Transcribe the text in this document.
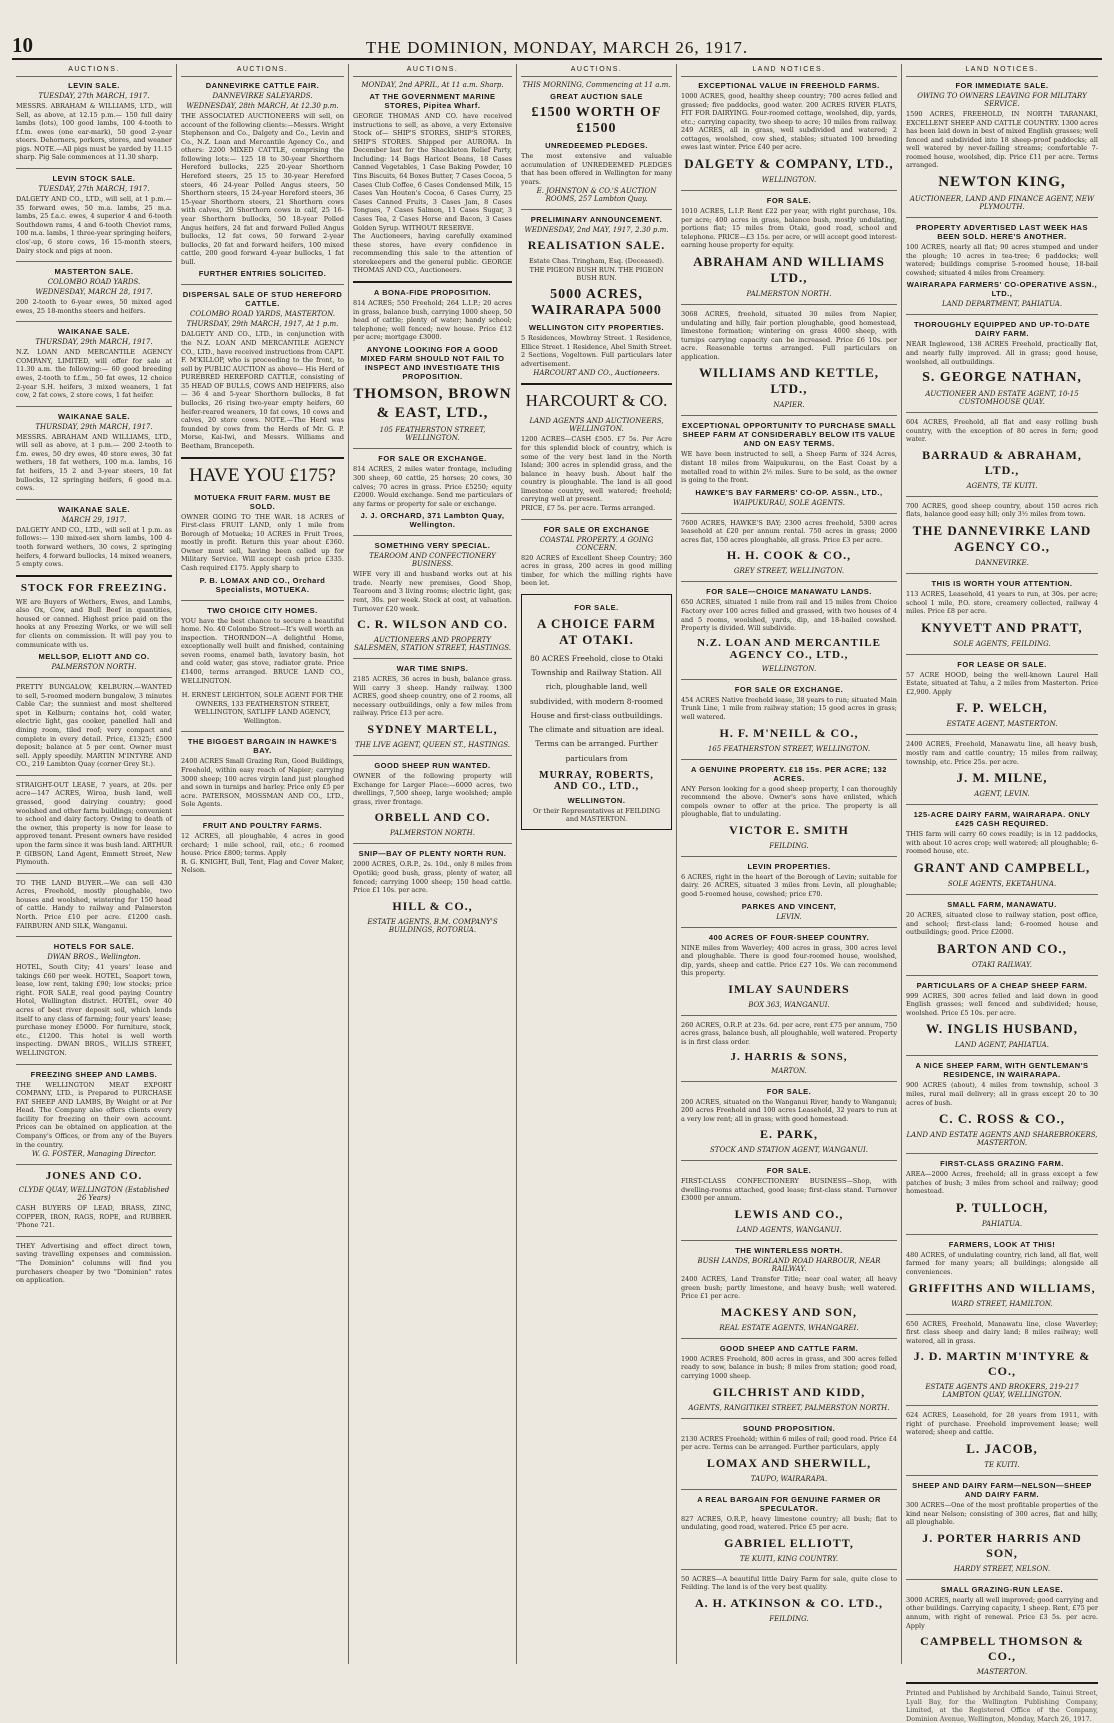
10	THE DOMINION, MONDAY, MARCH 26, 1917.
AUCTIONS.
LEVIN SALE.
TUESDAY, 27th MARCH, 1917.
MESSRS. ABRAHAM & WILLIAMS, LTD., will Sell, as above, at 12.15 p.m.— 150 full dairy lambs (lots), 100 good lambs, 100 4-tooth to f.f.m. ewes (one ear-mark), 50 good 2-year steers. Dehorners, porkers, stores, and weaner pigs. NOTE.—All pigs must be yarded by 11.15 sharp. Pig Sale commences at 11.30 sharp.
LEVIN STOCK SALE.
TUESDAY, 27th MARCH, 1917.
DALGETY AND CO., LTD., will sell, at 1 p.m.— 35 forward ewes, 50 m.a. lambs, 25 m.a. lambs, 25 f.a.c. ewes, 4 superior 4 and 6-tooth Southdown rams, 4 and 6-tooth Cheviot rams, 100 m.a. lambs, 1 three-year springing heifers, clos'-up, 6 store cows, 16 15-month steers, Dairy stock and pigs at noon.
MASTERTON SALE.
COLOMBO ROAD YARDS.
WEDNESDAY, MARCH 28, 1917.
200 2-tooth to 6-year ewes, 50 mixed aged ewes, 25 18-months steers and heifers.
WAIKANAE SALE.
THURSDAY, 29th MARCH, 1917.
N.Z. LOAN AND MERCANTILE AGENCY COMPANY, LIMITED, will offer for sale at 11.30 a.m. the following:— 60 good breeding ewes, 2-tooth to f.f.m., 50 fat ewes, 12 choice 2-year S.H. heifers, 3 mixed weaners, 1 fat cow, 2 fat cows, 2 store cows, 1 fat heifer.
WAIKANAE SALE.
THURSDAY, 29th MARCH, 1917.
MESSRS. ABRAHAM AND WILLIAMS, LTD., will sell as above, at 1 p.m.— 200 2-tooth to f.m. ewes, 50 dry ewes, 40 store ewes, 30 fat wethers, 18 fat wethers, 100 m.a. lambs, 16 fat heifers, 15 2 and 3-year steers, 10 fat bullocks, 12 springing heifers, 6 good m.a. cows.
WAIKANAE SALE.
MARCH 29, 1917.
DALGETY AND CO., LTD., will sell at 1 p.m. as follows:— 130 mixed-sex shorn lambs, 100 4-tooth forward wethers, 30 cows, 2 springing heifers, 4 forward bullocks, 14 mixed weaners, 5 empty cows.
STOCK FOR FREEZING.
WE are Buyers of Wethers, Ewes, and Lambs, also Ox, Cow, and Bull Beef in quantities, housed or canned. Highest price paid on the hooks at any Freezing Works, or we will sell for clients on commission. It will pay you to communicate with us.
MELLSOP, ELIOTT AND CO.
PALMERSTON NORTH.
PRETTY BUNGALOW, KELBURN.—WANTED to sell, 5-roomed modern bungalow, 3 minutes Cable Car; the sunniest and most sheltered spot in Kelburn; contains hot, cold water, electric light, gas cooker, panelled hall and dining room, tiled roof; very compact and complete in every detail. Price, £1325; £500 deposit; balance at 5 per cent. Owner must sell. Apply speedily. MARTIN M'INTYRE AND CO., 219 Lambton Quay (corner Grey St.).
STRAIGHT-OUT LEASE, 7 years, at 20s. per acre—147 ACRES, Wiroa, bush land, well grassed, good dairying country; good woolshed and other farm buildings; convenient to school and dairy factory. Owing to death of the owner, this property is now for lease to approved tenant. Present owners have resided upon the farm since it was bush land. ARTHUR P. GIBSON, Land Agent, Emmett Street, New Plymouth.
TO THE LAND BUYER.—We can sell 430 Acres, Freehold, mostly ploughable, two houses and woolshed, wintering for 150 head of cattle. Handy to railway and Palmerston North. Price £10 per acre. £1200 cash. FAIRBURN AND SILK, Wanganui.
HOTELS FOR SALE.
DWAN BROS., Wellington.
HOTEL, South City; 41 years' lease and takings £60 per week. HOTEL, Seaport town, lease, low rent, taking £90; low stocks; price right. FOR SALE, real good paying Country Hotel, Wellington district. HOTEL, over 40 acres of best river deposit soil, which lends itself to any class of farming; four years' lease; purchase money £5000. For furniture, stock, etc., £1200. This hotel is well worth inspecting. DWAN BROS., WILLIS STREET, WELLINGTON.
FREEZING SHEEP AND LAMBS.
THE WELLINGTON MEAT EXPORT COMPANY, LTD., is Prepared to PURCHASE FAT SHEEP AND LAMBS, By Weight or at Per Head. The Company also offers clients every facility for freezing on their own account. Prices can be obtained on application at the Company's Offices, or from any of the Buyers in the country.
W. G. FOSTER, Managing Director.
JONES AND CO.
CLYDE QUAY, WELLINGTON (Established 26 Years)
CASH BUYERS OF LEAD, BRASS, ZINC, COPPER, IRON, RAGS, ROPE, and RUBBER. 'Phone 721.
THEY Advertising and effect direct town, saving travelling expenses and commission. "The Dominion" columns will find you purchasers cheaper by two "Dominion" rates on application.
AUCTIONS.
DANNEVIRKE CATTLE FAIR.
DANNEVIRKE SALEYARDS.
WEDNESDAY, 28th MARCH, At 12.30 p.m.
THE ASSOCIATED AUCTIONEERS will sell, on account of the following clients:—Messrs. Wright Stephenson and Co., Dalgety and Co., Levin and Co., N.Z. Loan and Mercantile Agency Co., and others: 2200 MIXED CATTLE, comprising the following lots:— 125 18 to 30-year Shorthorn Hereford bullocks, 225 20-year Shorthorn Hereford steers, 25 15 to 30-year Hereford steers, 46 24-year Polled Angus steers, 50 Shorthorn steers, 15 24-year Hereford steers, 36 15-year Shorthorn steers, 21 Shorthorn cows with calves, 20 Shorthorn cows in calf, 25 16-year Shorthorn bullocks, 50 18-year Polled Angus heifers, 24 fat and forward Polled Angus bullocks, 12 fat cows, 50 forward 2-year bullocks, 20 fat and forward heifers, 100 mixed cattle, 200 good forward 4-year bullocks, 1 fat bull.
FURTHER ENTRIES SOLICITED.
DISPERSAL SALE OF STUD HEREFORD CATTLE.
COLOMBO ROAD YARDS, MASTERTON.
THURSDAY, 29th MARCH, 1917, At 1 p.m.
DALGETY AND CO., LTD., in conjunction with the N.Z. LOAN AND MERCANTILE AGENCY CO., LTD., have received instructions from CAPT. F. M'KILLOP, who is proceeding to the front, to sell by PUBLIC AUCTION as above— His Herd of PUREBRED HEREFORD CATTLE, consisting of 35 HEAD OF BULLS, COWS AND HEIFERS, also— 36 4 and 5-year Shorthorn bullocks, 8 fat bullocks, 26 rising two-year empty heifers, 60 heifer-reared weaners, 10 fat cows, 10 cows and calves, 20 store cows. NOTE.—The Herd was founded by cows from the Herds of Mr. G. P. Morse, Kai-Iwi, and Messrs. Williams and Beetham, Brancepeth.
HAVE YOU £175?
MOTUEKA FRUIT FARM. MUST BE SOLD.
OWNER GOING TO THE WAR. 18 ACRES of First-class FRUIT LAND, only 1 mile from Borough of Motueka; 10 ACRES in Fruit Trees, mostly in profit. Return this year about £360. Owner must sell, having been called up for Military Service. Will accept cash price £335. Cash required £175. Apply sharp to
P. B. LOMAX AND CO., Orchard Specialists, MOTUEKA.
TWO CHOICE CITY HOMES.
YOU have the best chance to secure a beautiful home. No. 40 Colombo Street—It's well worth an inspection. THORNDON—A delightful Home, exceptionally well built and finished, containing seven rooms, enamel bath, lavatory basin, hot and cold water, gas stove, radiator grate. Price £1400, terms arranged. BRUCE LAND CO., WELLINGTON.
H. ERNEST LEIGHTON, SOLE AGENT FOR THE OWNERS, 133 FEATHERSTON STREET, WELLINGTON, SATLIFF LAND AGENCY, Wellington.
THE BIGGEST BARGAIN IN HAWKE'S BAY.
2400 ACRES Small Grazing Run, Good Buildings, Freehold, within easy reach of Napier; carrying 3000 sheep; 100 acres virgin land just ploughed and sown in turnips and barley. Price only £5 per acre. PATERSON, MOSSMAN AND CO., LTD., Sole Agents.
FRUIT AND POULTRY FARMS.
12 ACRES, all ploughable, 4 acres in good orchard; 1 mile school, rail, etc.; 6 roomed house. Price £800; terms. Apply
R. G. KNIGHT, Bull, Tent, Flag and Cover Maker, Nelson.
AUCTIONS.
MONDAY, 2nd APRIL, At 11 a.m. Sharp.
AT THE GOVERNMENT MARINE STORES, Pipitea Wharf.
GEORGE THOMAS AND CO. have received instructions to sell, as above, a very Extensive Stock of— SHIP'S STORES, SHIP'S STORES, SHIP'S STORES. Shipped per AURORA. In December last for the Shackleton Relief Party, Including: 14 Bags Haricot Beans, 18 Cases Canned Vegetables, 1 Case Baking Powder, 10 Tins Biscuits, 64 Boxes Butter, 7 Cases Cocoa, 5 Cases Club Coffee, 6 Cases Condensed Milk, 15 Cases Van Houten's Cocoa, 6 Cases Curry, 25 Cases Canned Fruits, 3 Cases Jam, 8 Cases Tongues, 7 Cases Salmon, 11 Cases Sugar, 3 Cases Tea, 2 Cases Horse and Bacon, 3 Cases Golden Syrup. WITHOUT RESERVE.
The Auctioneers, having carefully examined these stores, have every confidence in recommending this sale to the attention of storekeepers and the general public. GEORGE THOMAS AND CO., Auctioneers.
A BONA-FIDE PROPOSITION.
814 ACRES; 550 Freehold; 264 L.I.P.; 20 acres in grass, balance bush, carrying 1000 sheep, 50 head of cattle; plenty of water; handy school; telephone; well fenced; new house. Price £12 per acre; mortgage £3000.
ANYONE LOOKING FOR A GOOD MIXED FARM SHOULD NOT FAIL TO INSPECT AND INVESTIGATE THIS PROPOSITION.
THOMSON, BROWN & EAST, LTD.,
105 FEATHERSTON STREET, WELLINGTON.
FOR SALE OR EXCHANGE.
814 ACRES, 2 miles water frontage, including 300 sheep, 60 cattle, 25 horses; 20 cows, 30 calves; 70 acres in grass. Price £5250; equity £2000. Would exchange. Send me particulars of any farms or property for sale or exchange.
J. J. ORCHARD, 371 Lambton Quay, Wellington.
SOMETHING VERY SPECIAL.
TEAROOM AND CONFECTIONERY BUSINESS.
WIFE very ill and husband works out at his trade. Nearly new premises, Good Shop, Tearoom and 3 living rooms; electric light, gas; rent, 30s. per week. Stock at cost, at valuation. Turnover £20 week.
C. R. WILSON AND CO.
AUCTIONEERS AND PROPERTY SALESMEN, STATION STREET, HASTINGS.
WAR TIME SNIPS.
2185 ACRES, 36 acres in bush, balance grass. Will carry 3 sheep. Handy railway. 1300 ACRES, good sheep country, one of 2 rooms, all necessary outbuildings, only a few miles from railway. Price £13 per acre.
SYDNEY MARTELL,
THE LIVE AGENT, QUEEN ST., HASTINGS.
GOOD SHEEP RUN WANTED.
OWNER of the following property will Exchange for Larger Place:—6000 acres, two dwellings, 7,500 sheep, large woolshed; ample grass, river frontage.
ORBELL AND CO.
PALMERSTON NORTH.
SNIP—BAY OF PLENTY NORTH RUN.
2000 ACRES, O.R.P., 2s. 10d., only 8 miles from Opotiki; good bush, grass, plenty of water, all fenced; carrying 1000 sheep; 150 head cattle. Price £1 10s. per acre.
HILL & CO.,
ESTATE AGENTS, B.M. COMPANY'S BUILDINGS, ROTORUA.
AUCTIONS.
THIS MORNING, Commencing at 11 a.m.
GREAT AUCTION SALE
£1500 WORTH OF £1500
UNREDEEMED PLEDGES.
The most extensive and valuable accumulation of UNREDEEMED PLEDGES that has been offered in Wellington for many years.
E. JOHNSTON & CO.'S AUCTION ROOMS, 257 Lambton Quay.
PRELIMINARY ANNOUNCEMENT.
WEDNESDAY, 2nd MAY, 1917, 2.30 p.m.
REALISATION SALE.
Estate Chas. Tringham, Esq. (Deceased). THE PIGEON BUSH RUN. THE PIGEON BUSH RUN.
5000 ACRES, WAIRARAPA 5000
WELLINGTON CITY PROPERTIES.
5 Residences, Mowbray Street. 1 Residence, Ellice Street. 1 Residence, Abel Smith Street. 2 Sections, Vogeltown. Full particulars later advertisement.
HARCOURT AND CO., Auctioneers.
HARCOURT & CO.
LAND AGENTS AND AUCTIONEERS, WELLINGTON.
1200 ACRES—CASH £505. £7 5s. Per Acre for this splendid block of country, which is some of the very best land in the North Island; 300 acres in splendid grass, and the balance in heavy bush. About half the country is ploughable. The land is all good limestone country, well watered; freehold; carrying well at present.
PRICE, £7 5s. per acre. Terms arranged.
FOR SALE OR EXCHANGE
COASTAL PROPERTY. A GOING CONCERN.
820 ACRES of Excellent Sheep Country; 360 acres in grass, 200 acres in good milling timber, for which the milling rights have been let.
FOR SALE.
A CHOICE FARM AT OTAKI.
80 ACRES Freehold, close to Otaki Township and Railway Station. All rich, ploughable land, well subdivided, with modern 8-roomed House and first-class outbuildings. The climate and situation are ideal. Terms can be arranged. Further particulars from
MURRAY, ROBERTS, AND CO., LTD.,
WELLINGTON.
Or their Representatives at FEILDING and MASTERTON.
LAND NOTICES.
EXCEPTIONAL VALUE IN FREEHOLD FARMS.
1000 ACRES, good, healthy sheep country; 700 acres felled and grassed; five paddocks, good water. 200 ACRES RIVER FLATS, FIT FOR DAIRYING. Four-roomed cottage, woolshed, dip, yards, etc.; carrying capacity, two sheep to acre; 10 miles from railway. 249 ACRES, all in grass, well subdivided and watered; 2 cottages, woolshed, cow shed, stables; situated 100 breeding ewes last winter. Price £40 per acre.
DALGETY & COMPANY, LTD.,
WELLINGTON.
FOR SALE.
1010 ACRES, L.I.P. Rent £22 per year, with right purchase, 10s. per acre; 400 acres in grass, balance bush, mostly undulating, portions flat; 15 miles from Otaki, good road, school and telephone. PRICE—£3 15s. per acre, or will accept good interest-earning house property for equity.
ABRAHAM AND WILLIAMS LTD.,
PALMERSTON NORTH.
3068 ACRES, freehold, situated 30 miles from Napier, undulating and hilly, fair portion ploughable, good homestead, limestone formation; wintering on grass 4000 sheep, with turnips carrying capacity can be increased. Price £6 10s. per acre. Reasonable terms arranged. Full particulars on application.
WILLIAMS AND KETTLE, LTD.,
NAPIER.
EXCEPTIONAL OPPORTUNITY TO PURCHASE SMALL SHEEP FARM AT CONSIDERABLY BELOW ITS VALUE AND ON EASY TERMS.
WE have been instructed to sell, a Sheep Farm of 324 Acres, distant 18 miles from Waipukurau, on the East Coast by a metalled road to within 2½ miles. Sure to be sold, as the owner is going to the front.
HAWKE'S BAY FARMERS' CO-OP. ASSN., LTD.,
WAIPUKURAU, SOLE AGENTS.
7600 ACRES, HAWKE'S BAY; 2300 acres freehold, 5300 acres leasehold at £20 per annum rental. 750 acres in grass; 2000 acres flat, 150 acres ploughable, all grass. Price £3 per acre.
H. H. COOK & CO.,
GREY STREET, WELLINGTON.
FOR SALE—CHOICE MANAWATU LANDS.
650 ACRES, situated 1 mile from rail and 15 miles from Choice Factory over 100 acres felled and grassed, with two houses of 4 and 5 rooms, woolshed, yards, dip, and 18-bailed cowshed. Property is divided. Will subdivide.
N.Z. LOAN AND MERCANTILE AGENCY CO., LTD.,
WELLINGTON.
FOR SALE OR EXCHANGE.
454 ACRES Native freehold lease, 38 years to run; situated Main Trunk Line, 1 mile from railway station; 15 good acres in grass; well watered.
H. F. M'NEILL & CO.,
165 FEATHERSTON STREET, WELLINGTON.
A GENUINE PROPERTY. £18 15s. PER ACRE; 132 ACRES.
ANY Person looking for a good sheep property, I can thoroughly recommend the above. Owner's sons have enlisted, which compels owner to offer at the price. The property is all ploughable, flat to undulating.
VICTOR E. SMITH
FEILDING.
LEVIN PROPERTIES.
6 ACRES, right in the heart of the Borough of Levin; suitable for dairy. 26 ACRES, situated 3 miles from Levin, all ploughable; good 5-roomed house, cowshed; price £70.
PARKES AND VINCENT,
LEVIN.
400 ACRES OF FOUR-SHEEP COUNTRY.
NINE miles from Waverley; 400 acres in grass, 300 acres level and ploughable. There is good four-roomed house, woolshed, dip, yards, sheep and cattle. Price £27 10s. We can recommend this property.
IMLAY SAUNDERS
BOX 363, WANGANUI.
260 ACRES, O.R.P. at 23s. 6d. per acre, rent £75 per annum, 750 acres grass, balance bush, all ploughable, well watered. Property is in first class order.
J. HARRIS & SONS,
MARTON.
FOR SALE.
200 ACRES, situated on the Wanganui River, handy to Wanganui; 200 acres Freehold and 100 acres Leasehold, 32 years to run at a very low rent; all in grass; with good homestead.
E. PARK,
STOCK AND STATION AGENT, WANGANUI.
FOR SALE.
FIRST-CLASS CONFECTIONERY BUSINESS—Shop, with dwelling-rooms attached, good lease; first-class stand. Turnover £3000 per annum.
LEWIS AND CO.,
LAND AGENTS, WANGANUI.
THE WINTERLESS NORTH.
BUSH LANDS, BORLAND ROAD HARBOUR, NEAR RAILWAY.
2400 ACRES, Land Transfer Title; near coal water, all heavy green bush; partly limestone, and heavy bush; well watered. Price £1 per acre.
MACKESY AND SON,
REAL ESTATE AGENTS, WHANGAREI.
GOOD SHEEP AND CATTLE FARM.
1900 ACRES Freehold, 800 acres in grass, and 300 acres felled ready to sow, balance in bush; 8 miles from station; good road, carrying 1000 sheep.
GILCHRIST AND KIDD,
AGENTS, RANGITIKEI STREET, PALMERSTON NORTH.
SOUND PROPOSITION.
2130 ACRES Freehold; within 6 miles of rail; good road. Price £4 per acre. Terms can be arranged. Further particulars, apply
LOMAX AND SHERWILL,
TAUPO, WAIRARAPA.
A REAL BARGAIN FOR GENUINE FARMER OR SPECULATOR.
827 ACRES, O.R.P., heavy limestone country; all bush; flat to undulating, good road, watered. Price £5 per acre.
GABRIEL ELLIOTT,
TE KUITI, KING COUNTRY.
50 ACRES—A beautiful little Dairy Farm for sale, quite close to Feilding. The land is of the very best quality.
A. H. ATKINSON & CO. LTD.,
FEILDING.
LAND NOTICES.
FOR IMMEDIATE SALE.
OWING TO OWNERS LEAVING FOR MILITARY SERVICE.
1590 ACRES, FREEHOLD, IN NORTH TARANAKI, EXCELLENT SHEEP AND CATTLE COUNTRY. 1300 acres has been laid down in best of mixed English grasses; well fenced and subdivided into 18 sheep-proof paddocks; all well watered by never-failing streams; comfortable 7-roomed house, woolshed, dip. Price £11 per acre. Terms arranged.
NEWTON KING,
AUCTIONEER, LAND AND FINANCE AGENT, NEW PLYMOUTH.
PROPERTY ADVERTISED LAST WEEK HAS BEEN SOLD. HERE'S ANOTHER.
100 ACRES, nearly all flat; 90 acres stumped and under the plough; 10 acres in tea-tree; 6 paddocks; well watered; buildings comprise 5-roomed house, 18-bail cowshed; situated 4 miles from Creamery.
WAIRARAPA FARMERS' CO-OPERATIVE ASSN., LTD.,
LAND DEPARTMENT, PAHIATUA.
THOROUGHLY EQUIPPED AND UP-TO-DATE DAIRY FARM.
NEAR Inglewood, 138 ACRES Freehold, practically flat, and nearly fully improved. All in grass; good house, woolshed, all outbuildings.
S. GEORGE NATHAN,
AUCTIONEER AND ESTATE AGENT, 10-15 CUSTOMHOUSE QUAY.
604 ACRES, Freehold, all flat and easy rolling bush country, with the exception of 80 acres in fern; good water.
BARRAUD & ABRAHAM, LTD.,
AGENTS, TE KUITI.
700 ACRES, good sheep country, about 150 acres rich flats, balance good easy hill; only 3½ miles from town.
THE DANNEVIRKE LAND AGENCY CO.,
DANNEVIRKE.
THIS IS WORTH YOUR ATTENTION.
113 ACRES, Leasehold, 41 years to run, at 30s. per acre; school 1 mile, P.O. store, creamery collected, railway 4 miles. Price £8 per acre.
KNYVETT AND PRATT,
SOLE AGENTS, FEILDING.
FOR LEASE OR SALE.
57 ACRE HOOD, being the well-known Laurel Hall Estate, situated at Tahu, a 2 miles from Masterton. Price £2,900. Apply
F. P. WELCH,
ESTATE AGENT, MASTERTON.
2400 ACRES, Freehold, Manawatu line, all heavy bush, mostly ram and cattle country; 15 miles from railway, township, etc. Price 25s. per acre.
J. M. MILNE,
AGENT, LEVIN.
125-ACRE DAIRY FARM, WAIRARAPA. ONLY £425 CASH REQUIRED.
THIS farm will carry 60 cows readily; is in 12 paddocks, with about 10 acres crop; well watered; all ploughable; 6-roomed house, etc.
GRANT AND CAMPBELL,
SOLE AGENTS, EKETAHUNA.
SMALL FARM, MANAWATU.
20 ACRES, situated close to railway station, post office, and school; first-class land; 6-roomed house and outbuildings; good. Price £2000.
BARTON AND CO.,
OTAKI RAILWAY.
PARTICULARS OF A CHEAP SHEEP FARM.
999 ACRES, 300 acres felled and laid down in good English grasses; well fenced and subdivided; house, woolshed. Price £5 10s. per acre.
W. INGLIS HUSBAND,
LAND AGENT, PAHIATUA.
A NICE SHEEP FARM, WITH GENTLEMAN'S RESIDENCE, IN WAIRARAPA.
900 ACRES (about), 4 miles from township, school 3 miles, rural mail delivery; all in grass except 20 to 30 acres of bush.
C. C. ROSS & CO.,
LAND AND ESTATE AGENTS AND SHAREBROKERS, MASTERTON.
FIRST-CLASS GRAZING FARM.
AREA—2000 Acres, freehold; all in grass except a few patches of bush; 3 miles from school and railway; good homestead.
P. TULLOCH,
PAHIATUA.
FARMERS, LOOK AT THIS!
480 ACRES, of undulating country, rich land, all flat, well farmed for many years; all buildings; alongside all conveniences.
GRIFFITHS AND WILLIAMS,
WARD STREET, HAMILTON.
650 ACRES, Freehold, Manawatu line, close Waverley; first class sheep and dairy land; 8 miles railway; well watered, all in grass.
J. D. MARTIN M'INTYRE & CO.,
ESTATE AGENTS AND BROKERS, 219-217 LAMBTON QUAY, WELLINGTON.
624 ACRES, Leasehold, for 28 years from 1911, with right of purchase. Freehold improvement lease; well watered; sheep and cattle.
L. JACOB,
TE KUITI.
SHEEP AND DAIRY FARM—NELSON—SHEEP AND DAIRY FARM.
300 ACRES—One of the most profitable properties of the kind near Nelson; consisting of 300 acres, flat and hilly, all ploughable.
J. PORTER HARRIS AND SON,
HARDY STREET, NELSON.
SMALL GRAZING-RUN LEASE.
3000 ACRES, nearly all well improved; good carrying and other buildings. Carrying capacity, 1 sheep. Rent, £75 per annum, with right of renewal. Price £3 5s. per acre. Apply
CAMPBELL THOMSON & CO.,
MASTERTON.
Printed and Published by Archibald Sando, Tainui Street, Lyall Bay, for the Wellington Publishing Company, Limited, at the Registered Office of the Company, Dominion Avenue, Wellington, Monday, March 26, 1917.
